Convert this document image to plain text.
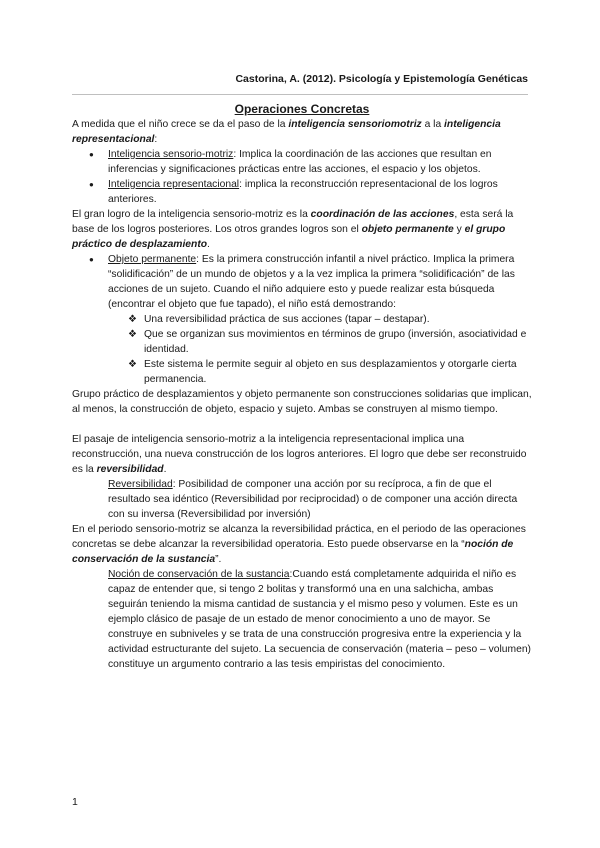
Castorina, A. (2012). Psicología y Epistemología Genéticas

Operaciones Concretas

A medida que el niño crece se da el paso de la inteligencia sensoriomotriz a la inteligencia representacional:

● Inteligencia sensorio-motriz: Implica la coordinación de las acciones que resultan en inferencias y significaciones prácticas entre las acciones, el espacio y los objetos.
● Inteligencia representacional: implica la reconstrucción representacional de los logros anteriores.

El gran logro de la inteligencia sensorio-motriz es la coordinación de las acciones, esta será la base de los logros posteriores. Los otros grandes logros son el objeto permanente y el grupo práctico de desplazamiento.

● Objeto permanente: Es la primera construcción infantil a nivel práctico. Implica la primera “solidificación” de un mundo de objetos y a la vez implica la primera “solidificación” de las acciones de un sujeto. Cuando el niño adquiere esto y puede realizar esta búsqueda (encontrar el objeto que fue tapado), el niño está demostrando:
❖ Una reversibilidad práctica de sus acciones (tapar – destapar).
❖ Que se organizan sus movimientos en términos de grupo (inversión, asociatividad e identidad.
❖ Este sistema le permite seguir al objeto en sus desplazamientos y otorgarle cierta permanencia.

Grupo práctico de desplazamientos y objeto permanente son construcciones solidarias que implican, al menos, la construcción de objeto, espacio y sujeto. Ambas se construyen al mismo tiempo.

El pasaje de inteligencia sensorio-motriz a la inteligencia representacional implica una reconstrucción, una nueva construcción de los logros anteriores. El logro que debe ser reconstruido es la reversibilidad.

Reversibilidad: Posibilidad de componer una acción por su recíproca, a fin de que el resultado sea idéntico (Reversibilidad por reciprocidad) o de componer una acción directa con su inversa (Reversibilidad por inversión)

En el periodo sensorio-motriz se alcanza la reversibilidad práctica, en el periodo de las operaciones concretas se debe alcanzar la reversibilidad operatoria. Esto puede observarse en la “noción de conservación de la sustancia”.

Noción de conservación de la sustancia:Cuando está completamente adquirida el niño es capaz de entender que, si tengo 2 bolitas y transformó una en una salchicha, ambas seguirán teniendo la misma cantidad de sustancia y el mismo peso y volumen. Este es un ejemplo clásico de pasaje de un estado de menor conocimiento a uno de mayor. Se construye en subniveles y se trata de una construcción progresiva entre la experiencia y la actividad estructurante del sujeto. La secuencia de conservación (materia – peso – volumen) constituye un argumento contrario a las tesis empiristas del conocimiento.

1
